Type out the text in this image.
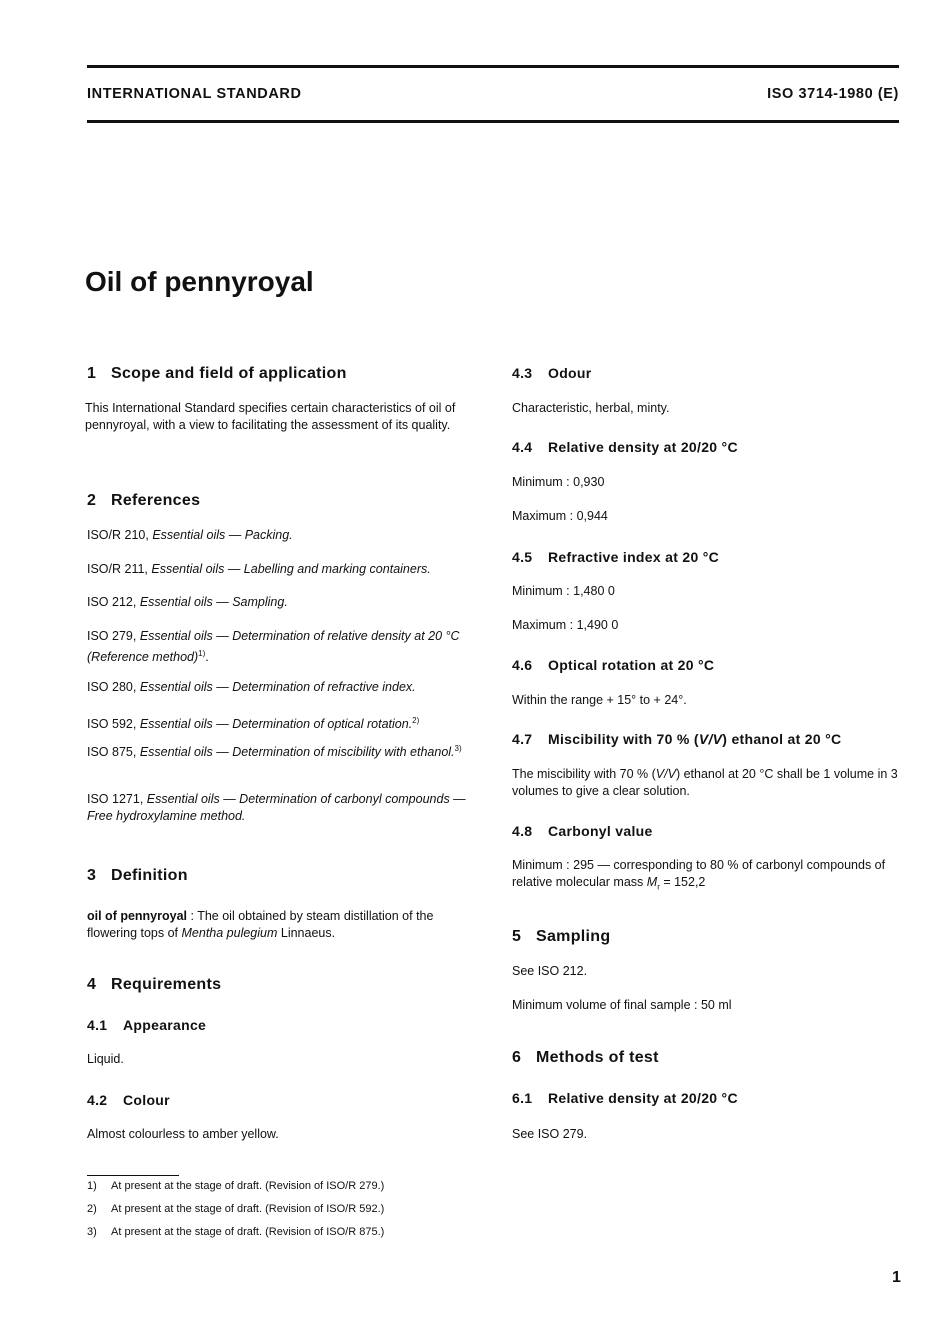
INTERNATIONAL STANDARD	ISO 3714-1980 (E)
Oil of pennyroyal
1 Scope and field of application

This International Standard specifies certain characteristics of oil of pennyroyal, with a view to facilitating the assessment of its quality.

2 References

ISO/R 210, Essential oils — Packing.

ISO/R 211, Essential oils — Labelling and marking containers.

ISO 212, Essential oils — Sampling.

ISO 279, Essential oils — Determination of relative density at 20 °C (Reference method)$^{1)}$.

ISO 280, Essential oils — Determination of refractive index.

ISO 592, Essential oils — Determination of optical rotation.$^{2)}$

ISO 875, Essential oils — Determination of miscibility with ethanol.$^{3)}$

ISO 1271, Essential oils — Determination of carbonyl compounds — Free hydroxylamine method.

3 Definition

oil of pennyroyal : The oil obtained by steam distillation of the flowering tops of Mentha pulegium Linnaeus.

4 Requirements
4.1 Appearance

Liquid.

4.2 Colour

Almost colourless to amber yellow.

4.3 Odour

Characteristic, herbal, minty.

4.4 Relative density at 20/20 °C

Minimum : 0,930

Maximum : 0,944

4.5 Refractive index at 20 °C

Minimum : 1,480 0

Maximum : 1,490 0

4.6 Optical rotation at 20 °C

Within the range + 15° to + 24°.

4.7 Miscibility with 70 % (V/V) ethanol at 20 °C

The miscibility with 70 % (V/V) ethanol at 20 °C shall be 1 volume in 3 volumes to give a clear solution.

4.8 Carbonyl value

Minimum : 295 — corresponding to 80 % of carbonyl compounds of relative molecular mass $M_r = 152,2$

5 Sampling

See ISO 212.

Minimum volume of final sample : 50 ml

6 Methods of test
6.1 Relative density at 20/20 °C

See ISO 279.

1) At present at the stage of draft. (Revision of ISO/R 279.)
2) At present at the stage of draft. (Revision of ISO/R 592.)
3) At present at the stage of draft. (Revision of ISO/R 875.)
1
